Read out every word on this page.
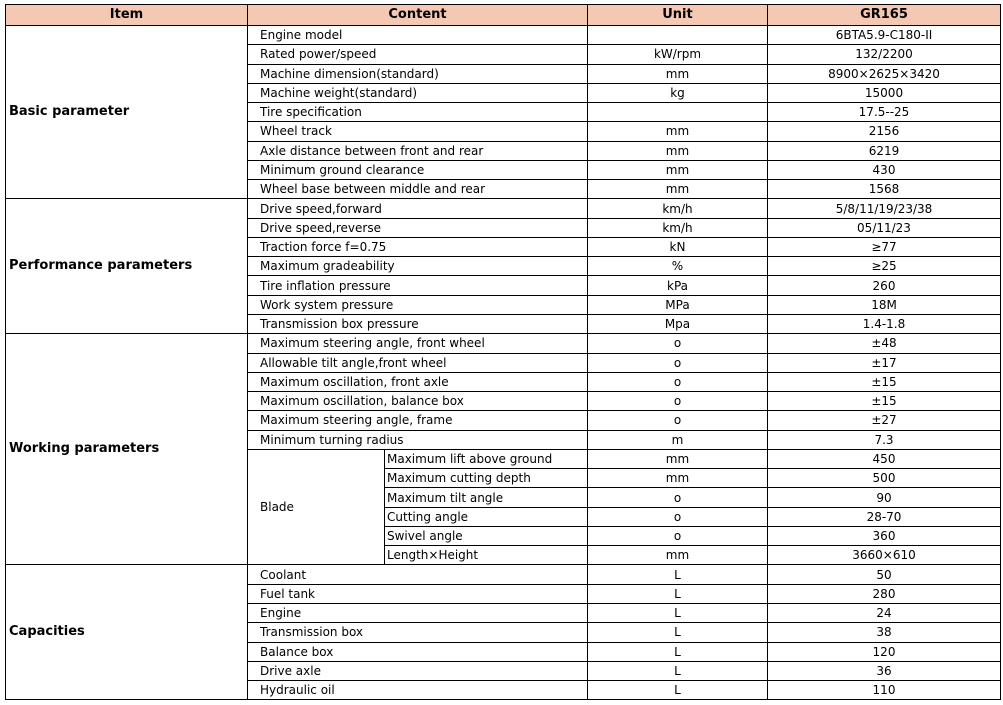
Item	Content		Unit	GR165
Basic parameter	Engine model			6BTA5.9-C180-II
	Rated power/speed		kW/rpm	132/2200
	Machine dimension(standard)		mm	8900×2625×3420
	Machine weight(standard)		kg	15000
	Tire specification			17.5--25
	Wheel track		mm	2156
	Axle distance between front and rear		mm	6219
	Minimum ground clearance		mm	430
	Wheel base between middle and rear		mm	1568
Performance parameters	Drive speed,forward		km/h	5/8/11/19/23/38
	Drive speed,reverse		km/h	05/11/23
	Traction force f=0.75		kN	≥77
	Maximum gradeability		%	≥25
	Tire inflation pressure		kPa	260
	Work system pressure		MPa	18M
	Transmission box pressure		Mpa	1.4-1.8
Working parameters	Maximum steering angle, front wheel		o	±48
	Allowable tilt angle,front wheel		o	±17
	Maximum oscillation, front axle		o	±15
	Maximum oscillation, balance box		o	±15
	Maximum steering angle, frame		o	±27
	Minimum turning radius		m	7.3
	Blade	Maximum lift above ground	mm	450
		Maximum cutting depth	mm	500
		Maximum tilt angle	o	90
		Cutting angle	o	28-70
		Swivel angle	o	360
		Length×Height	mm	3660×610
Capacities	Coolant		L	50
	Fuel tank		L	280
	Engine		L	24
	Transmission box		L	38
	Balance box		L	120
	Drive axle		L	36
	Hydraulic oil		L	110
